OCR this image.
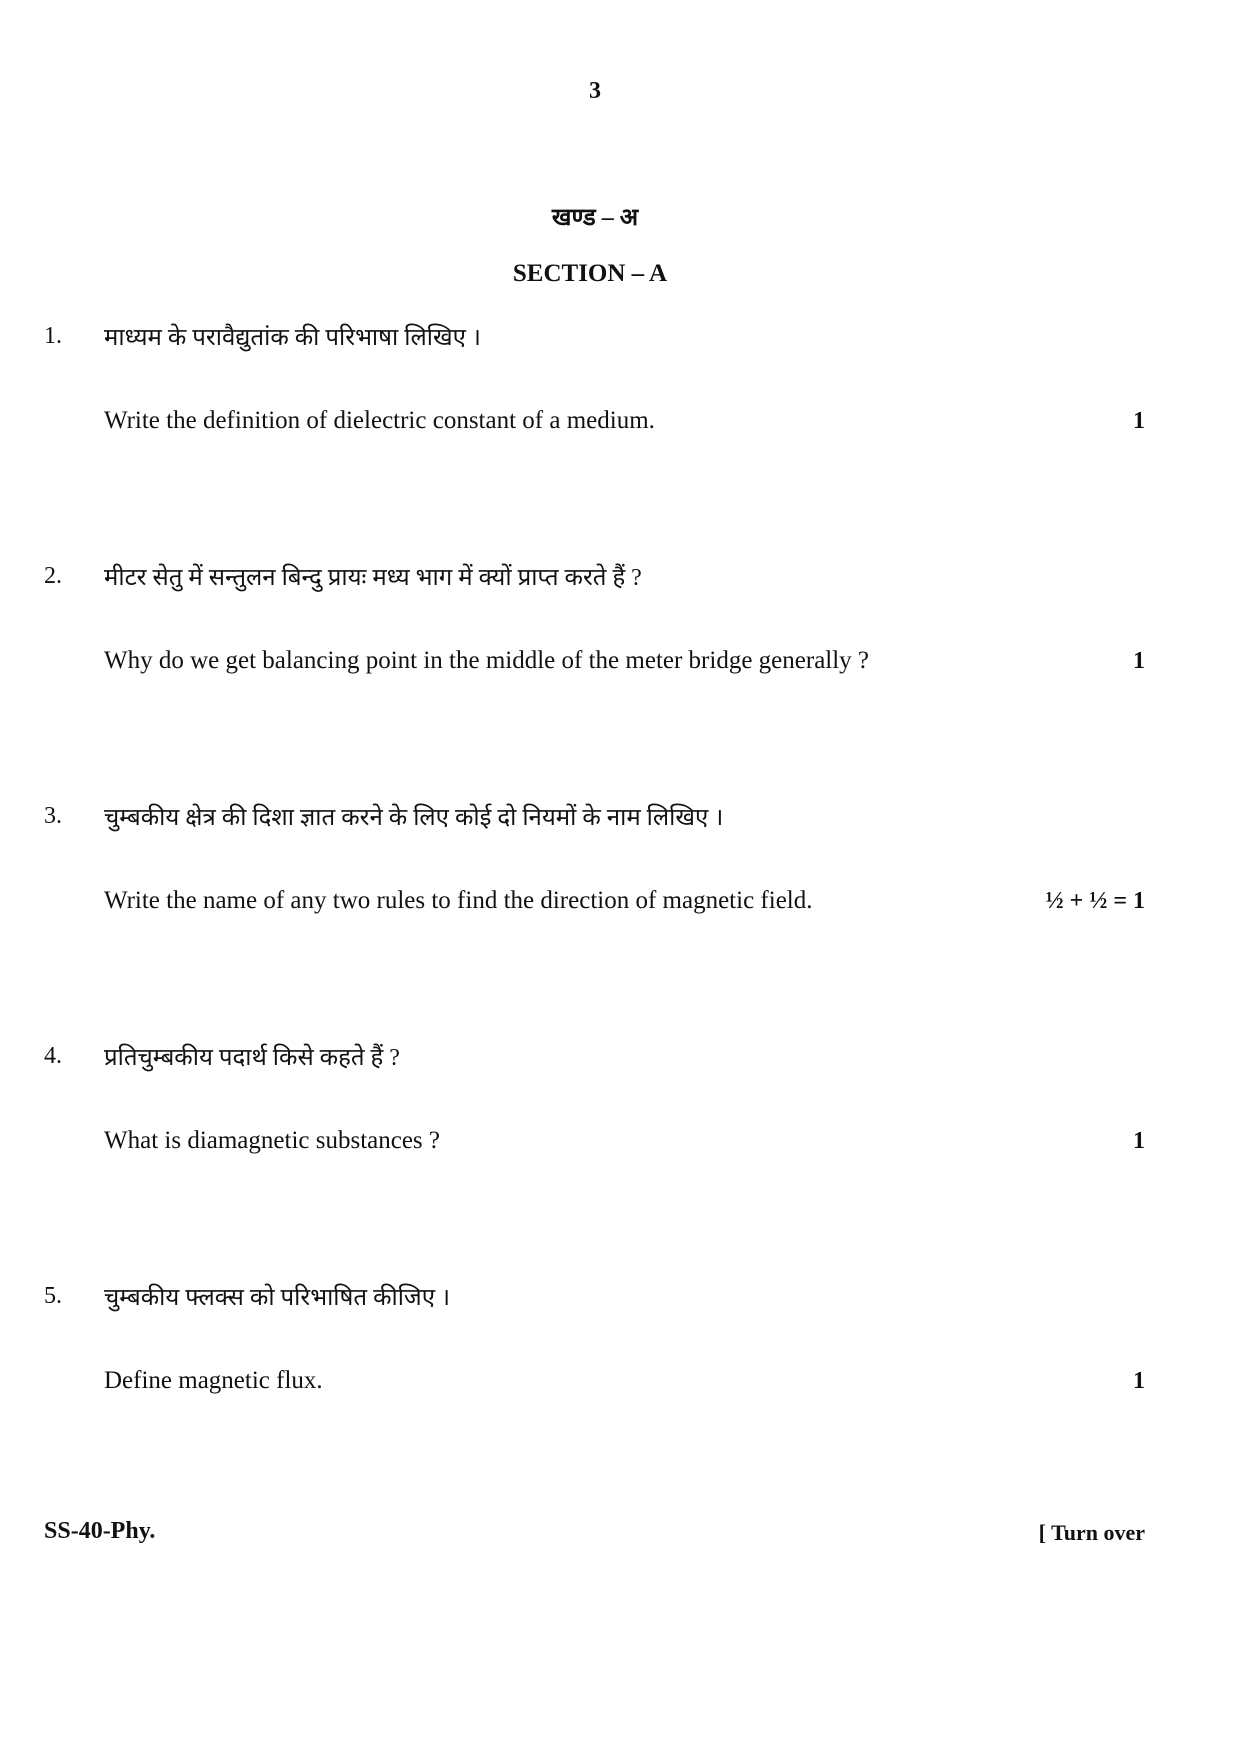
3
खण्ड – अ
SECTION – A
1. माध्यम के परावैद्युतांक की परिभाषा लिखिए ।
Write the definition of dielectric constant of a medium.	1
2. मीटर सेतु में सन्तुलन बिन्दु प्रायः मध्य भाग में क्यों प्राप्त करते हैं ?
Why do we get balancing point in the middle of the meter bridge generally ?	1
3. चुम्बकीय क्षेत्र की दिशा ज्ञात करने के लिए कोई दो नियमों के नाम लिखिए ।
Write the name of any two rules to find the direction of magnetic field.	½ + ½ = 1
4. प्रतिचुम्बकीय पदार्थ किसे कहते हैं ?
What is diamagnetic substances ?	1
5. चुम्बकीय फ्लक्स को परिभाषित कीजिए ।
Define magnetic flux.	1
SS-40-Phy.	[ Turn over
